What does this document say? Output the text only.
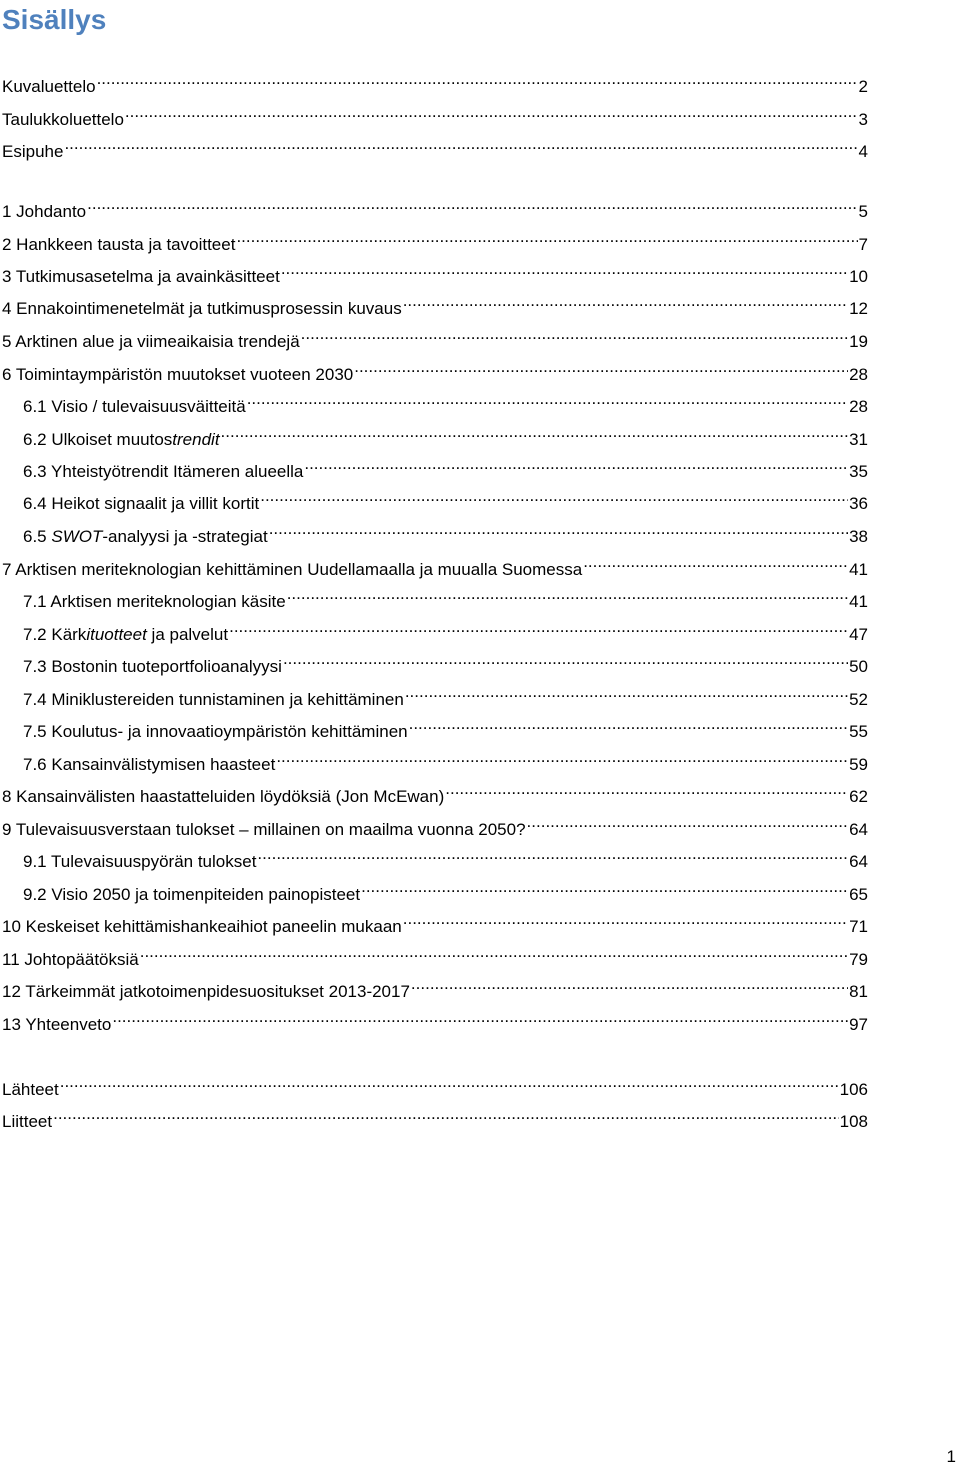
Sisällys
Kuvaluettelo .....	2
Taulukkoluettelo .....	3
Esipuhe .....	4
1 Johdanto .....	5
2 Hankkeen tausta ja tavoitteet .....	7
3 Tutkimusasetelma ja avainkäsitteet .....	10
4 Ennakointimenetelmät ja tutkimusprosessin kuvaus .....	12
5 Arktinen alue ja viimeaikaisia trendejä .....	19
6 Toimintaympäristön muutokset vuoteen 2030 .....	28
6.1 Visio / tulevaisuusväitteitä .....	28
6.2 Ulkoiset muutostrendit .....	31
6.3 Yhteistyötrendit Itämeren alueella .....	35
6.4 Heikot signaalit ja villit kortit .....	36
6.5 SWOT-analyysi ja -strategiat .....	38
7 Arktisen meriteknologian kehittäminen Uudellamaalla ja muualla Suomessa .....	41
7.1 Arktisen meriteknologian käsite .....	41
7.2 Kärkituotteet ja palvelut .....	47
7.3 Bostonin tuoteportfolioanalyysi .....	50
7.4 Miniklustereiden tunnistaminen ja kehittäminen .....	52
7.5 Koulutus- ja innovaatioympäristön kehittäminen .....	55
7.6 Kansainvälistymisen haasteet .....	59
8 Kansainvälisten haastatteluiden löydöksiä (Jon McEwan) .....	62
9 Tulevaisuusverstaan tulokset – millainen on maailma vuonna 2050? .....	64
9.1 Tulevaisuuspyörän tulokset .....	64
9.2 Visio 2050 ja toimenpiteiden painopisteet .....	65
10 Keskeiset kehittämishankeaihiot paneelin mukaan .....	71
11 Johtopäätöksiä .....	79
12 Tärkeimmät jatkotoimenpidesuositukset 2013-2017 .....	81
13 Yhteenveto .....	97
Lähteet .....	106
Liitteet .....	108
1
